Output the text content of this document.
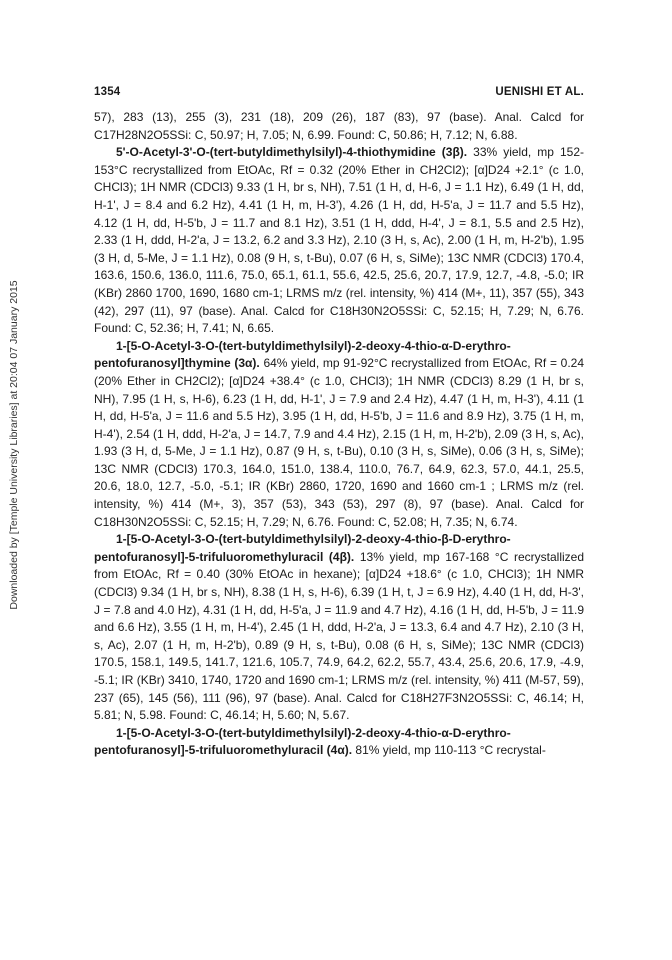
Downloaded by [Temple University Libraries] at 20:04 07 January 2015
1354	UENISHI ET AL.

57), 283 (13), 255 (3), 231 (18), 209 (26), 187 (83), 97 (base). Anal. Calcd for C17H28N2O5SSi: C, 50.97; H, 7.05; N, 6.99. Found: C, 50.86; H, 7.12; N, 6.88.

5'-O-Acetyl-3'-O-(tert-butyldimethylsilyl)-4-thiothymidine (3β). 33% yield, mp 152-153°C recrystallized from EtOAc, Rf = 0.32 (20% Ether in CH2Cl2); [α]D24 +2.1° (c 1.0, CHCl3); 1H NMR (CDCl3) 9.33 (1 H, br s, NH), 7.51 (1 H, d, H-6, J = 1.1 Hz), 6.49 (1 H, dd, H-1', J = 8.4 and 6.2 Hz), 4.41 (1 H, m, H-3'), 4.26 (1 H, dd, H-5'a, J = 11.7 and 5.5 Hz), 4.12 (1 H, dd, H-5'b, J = 11.7 and 8.1 Hz), 3.51 (1 H, ddd, H-4', J = 8.1, 5.5 and 2.5 Hz), 2.33 (1 H, ddd, H-2'a, J = 13.2, 6.2 and 3.3 Hz), 2.10 (3 H, s, Ac), 2.00 (1 H, m, H-2'b), 1.95 (3 H, d, 5-Me, J = 1.1 Hz), 0.08 (9 H, s, t-Bu), 0.07 (6 H, s, SiMe); 13C NMR (CDCl3) 170.4, 163.6, 150.6, 136.0, 111.6, 75.0, 65.1, 61.1, 55.6, 42.5, 25.6, 20.7, 17.9, 12.7, -4.8, -5.0; IR (KBr) 2860 1700, 1690, 1680 cm-1; LRMS m/z (rel. intensity, %) 414 (M+, 11), 357 (55), 343 (42), 297 (11), 97 (base). Anal. Calcd for C18H30N2O5SSi: C, 52.15; H, 7.29; N, 6.76. Found: C, 52.36; H, 7.41; N, 6.65.

1-[5-O-Acetyl-3-O-(tert-butyldimethylsilyl)-2-deoxy-4-thio-α-D-erythro-pentofuranosyl]thymine (3α). 64% yield, mp 91-92°C recrystallized from EtOAc, Rf = 0.24 (20% Ether in CH2Cl2); [α]D24 +38.4° (c 1.0, CHCl3); 1H NMR (CDCl3) 8.29 (1 H, br s, NH), 7.95 (1 H, s, H-6), 6.23 (1 H, dd, H-1', J = 7.9 and 2.4 Hz), 4.47 (1 H, m, H-3'), 4.11 (1 H, dd, H-5'a, J = 11.6 and 5.5 Hz), 3.95 (1 H, dd, H-5'b, J = 11.6 and 8.9 Hz), 3.75 (1 H, m, H-4'), 2.54 (1 H, ddd, H-2'a, J = 14.7, 7.9 and 4.4 Hz), 2.15 (1 H, m, H-2'b), 2.09 (3 H, s, Ac), 1.93 (3 H, d, 5-Me, J = 1.1 Hz), 0.87 (9 H, s, t-Bu), 0.10 (3 H, s, SiMe), 0.06 (3 H, s, SiMe); 13C NMR (CDCl3) 170.3, 164.0, 151.0, 138.4, 110.0, 76.7, 64.9, 62.3, 57.0, 44.1, 25.5, 20.6, 18.0, 12.7, -5.0, -5.1; IR (KBr) 2860, 1720, 1690 and 1660 cm-1 ; LRMS m/z (rel. intensity, %) 414 (M+, 3), 357 (53), 343 (53), 297 (8), 97 (base). Anal. Calcd for C18H30N2O5SSi: C, 52.15; H, 7.29; N, 6.76. Found: C, 52.08; H, 7.35; N, 6.74.

1-[5-O-Acetyl-3-O-(tert-butyldimethylsilyl)-2-deoxy-4-thio-β-D-erythro-pentofuranosyl]-5-trifuluoromethyluracil (4β). 13% yield, mp 167-168 °C recrystallized from EtOAc, Rf = 0.40 (30% EtOAc in hexane); [α]D24 +18.6° (c 1.0, CHCl3); 1H NMR (CDCl3) 9.34 (1 H, br s, NH), 8.38 (1 H, s, H-6), 6.39 (1 H, t, J = 6.9 Hz), 4.40 (1 H, dd, H-3', J = 7.8 and 4.0 Hz), 4.31 (1 H, dd, H-5'a, J = 11.9 and 4.7 Hz), 4.16 (1 H, dd, H-5'b, J = 11.9 and 6.6 Hz), 3.55 (1 H, m, H-4'), 2.45 (1 H, ddd, H-2'a, J = 13.3, 6.4 and 4.7 Hz), 2.10 (3 H, s, Ac), 2.07 (1 H, m, H-2'b), 0.89 (9 H, s, t-Bu), 0.08 (6 H, s, SiMe); 13C NMR (CDCl3) 170.5, 158.1, 149.5, 141.7, 121.6, 105.7, 74.9, 64.2, 62.2, 55.7, 43.4, 25.6, 20.6, 17.9, -4.9, -5.1; IR (KBr) 3410, 1740, 1720 and 1690 cm-1; LRMS m/z (rel. intensity, %) 411 (M-57, 59), 237 (65), 145 (56), 111 (96), 97 (base). Anal. Calcd for C18H27F3N2O5SSi: C, 46.14; H, 5.81; N, 5.98. Found: C, 46.14; H, 5.60; N, 5.67.

1-[5-O-Acetyl-3-O-(tert-butyldimethylsilyl)-2-deoxy-4-thio-α-D-erythro-pentofuranosyl]-5-trifuluoromethyluracil (4α). 81% yield, mp 110-113 °C recrystal-
